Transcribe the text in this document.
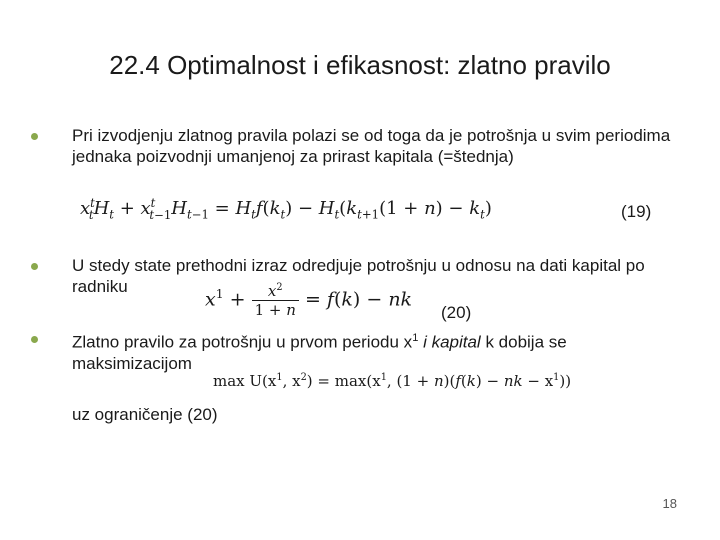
22.4 Optimalnost i efikasnost: zlatno pravilo
Pri izvodjenju zlatnog pravila polazi se od toga da je potrošnja u svim periodima jednaka poizvodnji umanjenoj za prirast kapitala (=štednja)
$x^t_tH_t + x^t_{t-1}H_{t-1} = H_tf(k_t) - H_t(k_{t+1}(1 + n) - k_t)$	(19)
U stedy state prethodni izraz odredjuje potrošnju u odnosu na dati kapital po radniku
$x^1 + \frac{x^2}{1 + n} = f(k)$ − nk
(20)
Zlatno pravilo za potrošnju u prvom periodu $x^1$ i kapital k dobija se maksimizacijom
$\max U(x^1$, $x^2) = \max(x^1$, (1 + n)(f(k) − nk − $x^1$))
uz ograničenje (20)
18
